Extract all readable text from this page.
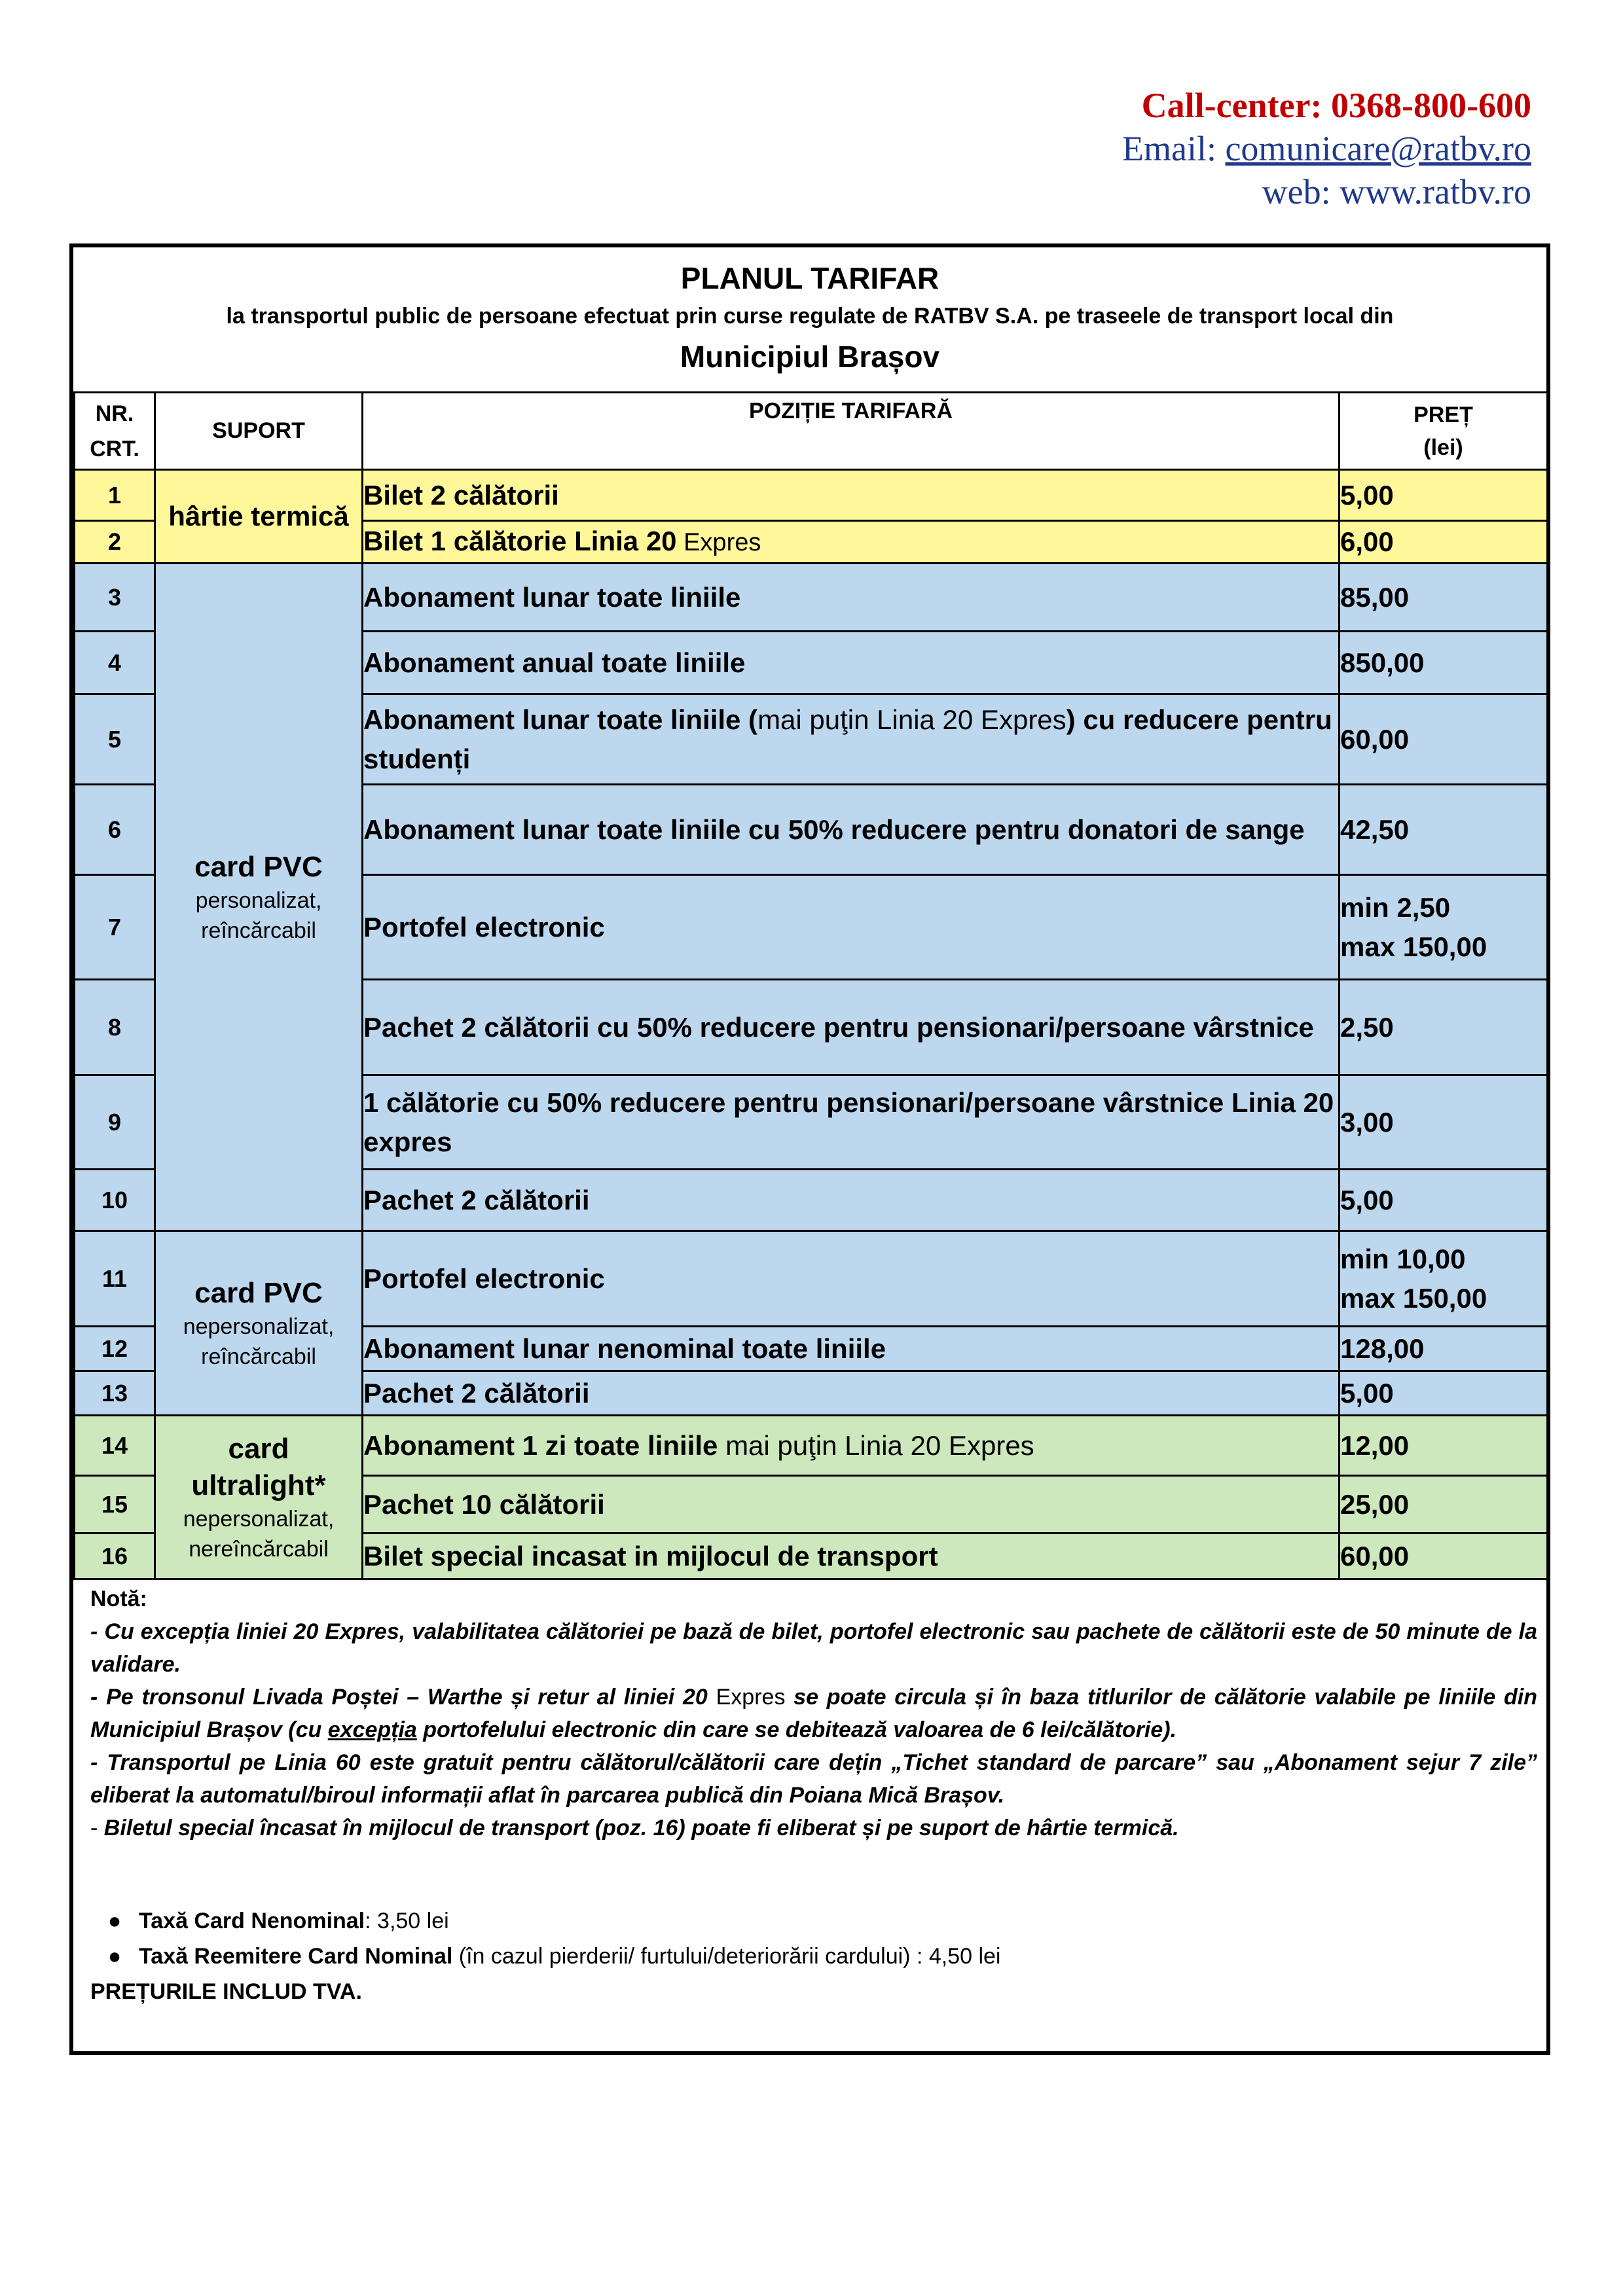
Call-center: 0368-800-600
Email: comunicare@ratbv.ro
web: www.ratbv.ro
PLANUL TARIFAR
la transportul public de persoane efectuat prin curse regulate de RATBV S.A. pe traseele de transport local din
Municipiul Brașov
NR. CRT.	SUPORT	POZIȚIE TARIFARĂ	PREȚ
(lei)
1	hârtie termică	Bilet 2 călătorii	5,00
2		Bilet 1 călătorie Linia 20 Expres	6,00
3	card PVC
personalizat,
reîncărcabil	Abonament lunar toate liniile	85,00
4		Abonament anual toate liniile	850,00
5		Abonament lunar toate liniile (mai puţin Linia 20 Expres) cu reducere pentru studenți	60,00
6		Abonament lunar toate liniile cu 50% reducere pentru donatori de sange	42,50
7		Portofel electronic	min 2,50
max 150,00
8		Pachet 2 călătorii cu 50% reducere pentru pensionari/persoane vârstnice	2,50
9		1 călătorie cu 50% reducere pentru pensionari/persoane vârstnice Linia 20 expres	3,00
10		Pachet 2 călătorii	5,00
11	card PVC
nepersonalizat,
reîncărcabil	Portofel electronic	min 10,00
max 150,00
12		Abonament lunar nenominal toate liniile	128,00
13		Pachet 2 călătorii	5,00
14	card
ultralight*
nepersonalizat,
nereîncărcabil	Abonament 1 zi toate liniile mai puţin Linia 20 Expres	12,00
15		Pachet 10 călătorii	25,00
16		Bilet special incasat in mijlocul de transport	60,00
Notă:

- Cu excepția liniei 20 Expres, valabilitatea călătoriei pe bază de bilet, portofel electronic sau pachete de călătorii este de 50 minute de la validare.

- Pe tronsonul Livada Poștei – Warthe și retur al liniei 20 Expres se poate circula și în baza titlurilor de călătorie valabile pe liniile din Municipiul Brașov (cu excepția portofelului electronic din care se debitează valoarea de 6 lei/călătorie).

- Transportul pe Linia 60 este gratuit pentru călătorul/călătorii care dețin „Tichet standard de parcare” sau „Abonament sejur 7 zile” eliberat la automatul/biroul informații aflat în parcarea publică din Poiana Mică Brașov.

- Biletul special încasat în mijlocul de transport (poz. 16) poate fi eliberat și pe suport de hârtie termică.

● Taxă Card Nenominal: 3,50 lei
● Taxă Reemitere Card Nominal (în cazul pierderii/ furtului/deteriorării cardului) : 4,50 lei
PREȚURILE INCLUD TVA.
